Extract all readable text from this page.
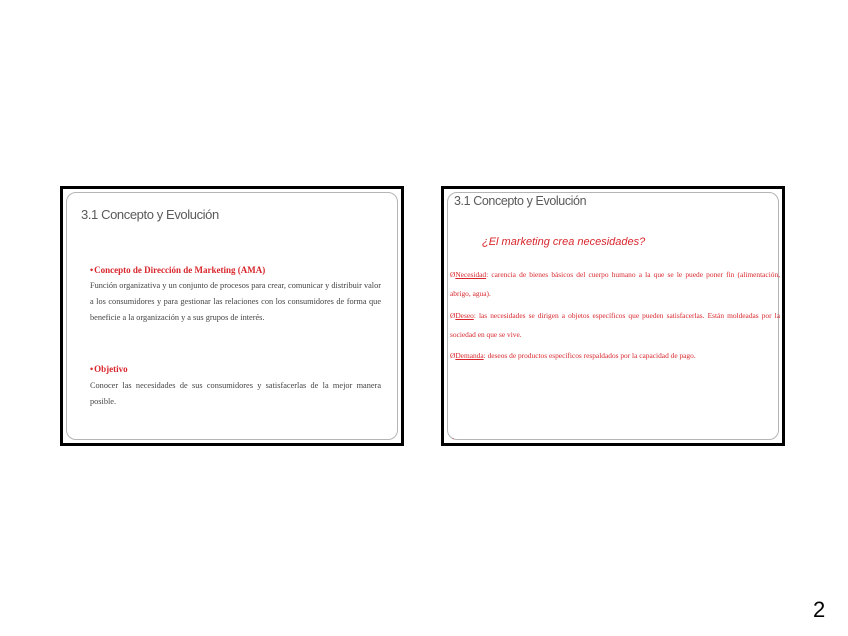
3.1 Concepto y Evolución
•Concepto de Dirección de Marketing (AMA)
Función organizativa y un conjunto de procesos para crear, comunicar y distribuir valor a los consumidores y para gestionar las relaciones con los consumidores de forma que beneficie a la organización y a sus grupos de interés.
•Objetivo
Conocer las necesidades de sus consumidores y satisfacerlas de la mejor manera posible.
3.1 Concepto y Evolución
¿El marketing crea necesidades?
ØNecesidad: carencia de bienes básicos del cuerpo humano a la que se le puede poner fin (alimentación, abrigo, agua).
ØDeseo: las necesidades se dirigen a objetos específicos que pueden satisfacerlas. Están moldeadas por la sociedad en que se vive.
ØDemanda: deseos de productos específicos respaldados por la capacidad de pago.
.
2
